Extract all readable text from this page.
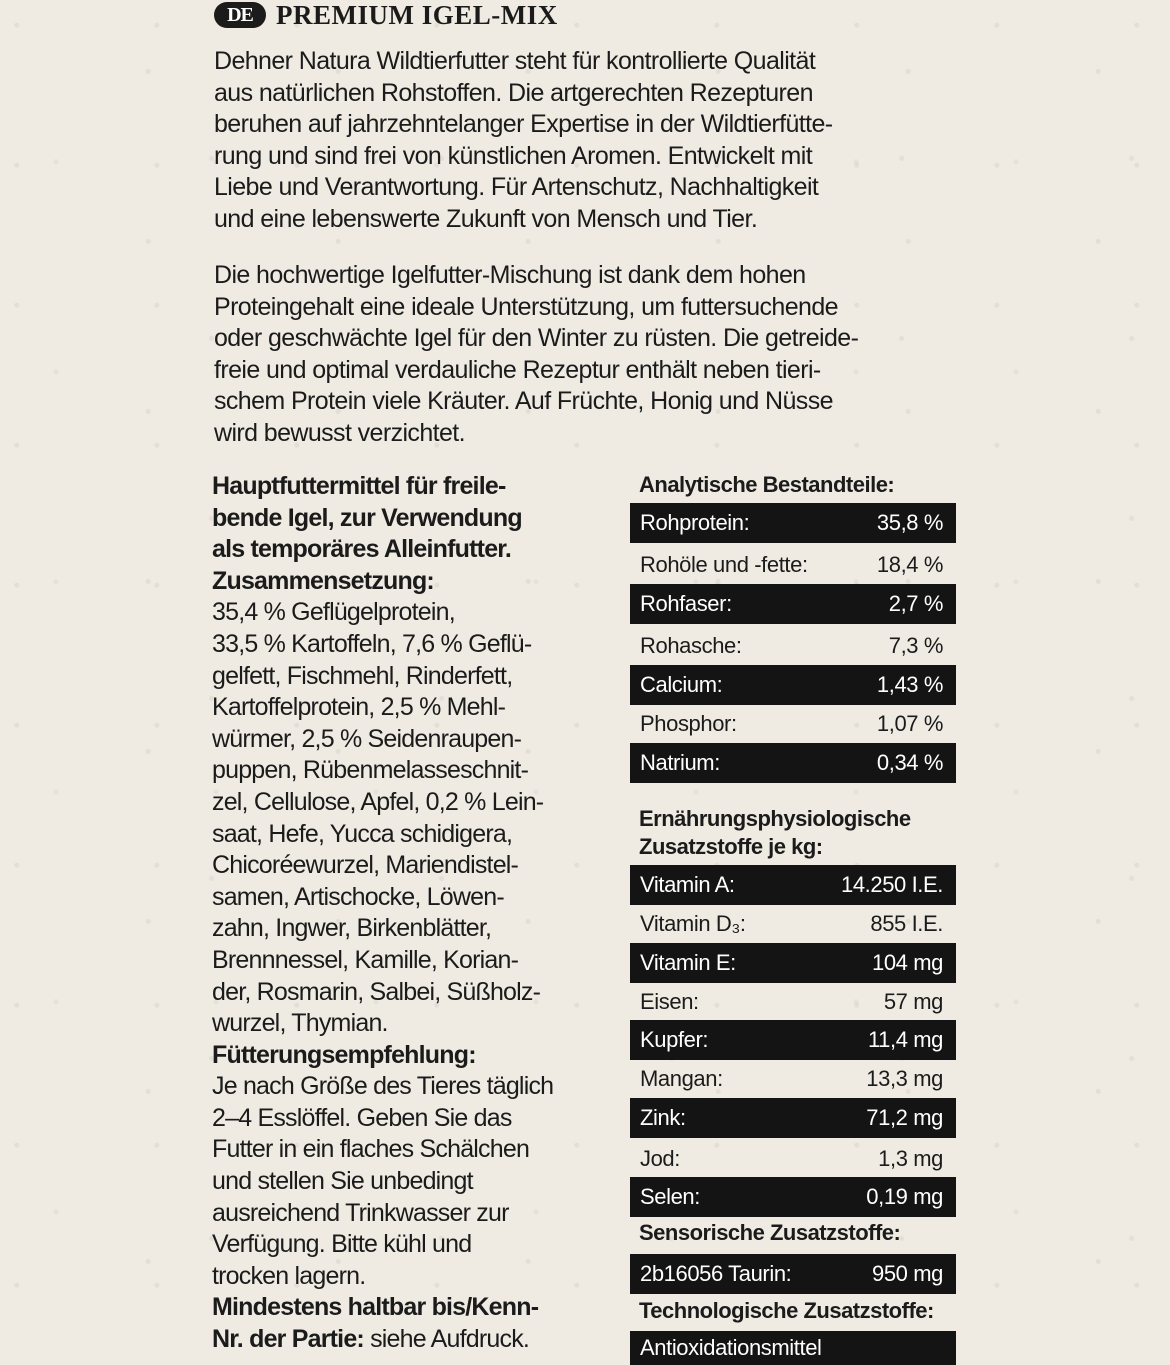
DE PREMIUM IGEL-MIX

Dehner Natura Wildtierfutter steht für kontrollierte Qualität
aus natürlichen Rohstoffen. Die artgerechten Rezepturen
beruhen auf jahrzehntelanger Expertise in der Wildtierfütte-
rung und sind frei von künstlichen Aromen. Entwickelt mit
Liebe und Verantwortung. Für Artenschutz, Nachhaltigkeit
und eine lebenswerte Zukunft von Mensch und Tier.

Die hochwertige Igelfutter-Mischung ist dank dem hohen
Proteingehalt eine ideale Unterstützung, um futtersuchende
oder geschwächte Igel für den Winter zu rüsten. Die getreide-
freie und optimal verdauliche Rezeptur enthält neben tieri-
schem Protein viele Kräuter. Auf Früchte, Honig und Nüsse
wird bewusst verzichtet.

Hauptfuttermittel für freile-
bende Igel, zur Verwendung
als temporäres Alleinfutter.
Zusammensetzung:
35,4 % Geflügelprotein,
33,5 % Kartoffeln, 7,6 % Geflü-
gelfett, Fischmehl, Rinderfett,
Kartoffelprotein, 2,5 % Mehl-
würmer, 2,5 % Seidenraupen-
puppen, Rübenmelasseschnit-
zel, Cellulose, Apfel, 0,2 % Lein-
saat, Hefe, Yucca schidigera,
Chicoréewurzel, Mariendistel-
samen, Artischocke, Löwen-
zahn, Ingwer, Birkenblätter,
Brennnessel, Kamille, Korian-
der, Rosmarin, Salbei, Süßholz-
wurzel, Thymian.
Fütterungsempfehlung:
Je nach Größe des Tieres täglich
2–4 Esslöffel. Geben Sie das
Futter in ein flaches Schälchen
und stellen Sie unbedingt
ausreichend Trinkwasser zur
Verfügung. Bitte kühl und
trocken lagern.
Mindestens haltbar bis/Kenn-
Nr. der Partie: siehe Aufdruck.
Analytische Bestandteile:
Rohprotein:	35,8 %
Rohöle und -fette:	18,4 %
Rohfaser:	2,7 %
Rohasche:	7,3 %
Calcium:	1,43 %
Phosphor:	1,07 %
Natrium:	0,34 %
Ernährungsphysiologische
Zusatzstoffe je kg:
Vitamin A:	14.250 I.E.
Vitamin D₃:	855 I.E.
Vitamin E:	104 mg
Eisen:	57 mg
Kupfer:	11,4 mg
Mangan:	13,3 mg
Zink:	71,2 mg
Jod:	1,3 mg
Selen:	0,19 mg
Sensorische Zusatzstoffe:
2b16056 Taurin:	950 mg
Technologische Zusatzstoffe:
Antioxidationsmittel
